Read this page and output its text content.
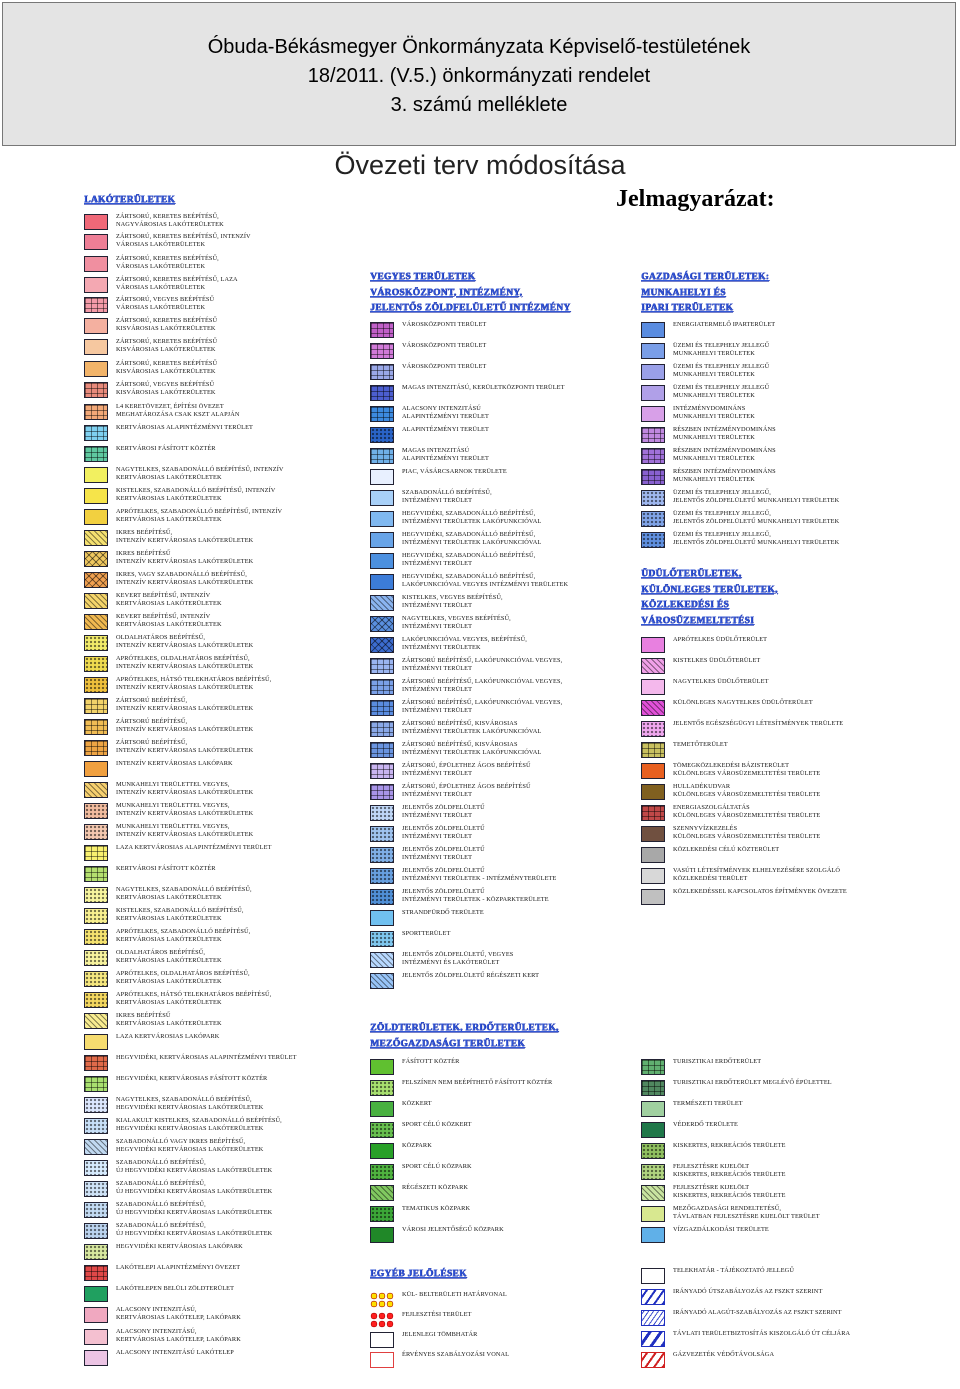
Óbuda-Békásmegyer Önkormányzata Képviselő-testületének
18/2011. (V.5.) önkormányzati rendelet
3. számú melléklete
Övezeti terv módosítása
Jelmagyarázat:
LAKÓTERÜLETEK
VEGYES TERÜLETEK
VÁROSKÖZPONT, INTÉZMÉNY,
JELENTŐS ZÖLDFELÜLETŰ INTÉZMÉNY
GAZDASÁGI TERÜLETEK:
MUNKAHELYI ÉS
IPARI TERÜLETEK
ÜDÜLŐTERÜLETEK,
KÜLÖNLEGES TERÜLETEK,
KÖZLEKEDÉSI ÉS
VÁROSÜZEMELTETÉSI
ZÖLDTERÜLETEK, ERDŐTERÜLETEK,
MEZŐGAZDASÁGI TERÜLETEK
EGYÉB JELÖLÉSEK
ZÁRTSORÚ, KERETES BEÉPÍTÉSŰ,
NAGYVÁROSIAS LAKÓTERÜLETEK
ZÁRTSORÚ, KERETES BEÉPÍTÉSŰ, INTENZÍV
VÁROSIAS LAKÓTERÜLETEK
ZÁRTSORÚ, KERETES BEÉPÍTÉSŰ,
VÁROSIAS LAKÓTERÜLETEK
ZÁRTSORÚ, KERETES BEÉPÍTÉSŰ, LAZA
VÁROSIAS LAKÓTERÜLETEK
ZÁRTSORÚ, VEGYES BEÉPÍTÉSŰ
VÁROSIAS LAKÓTERÜLETEK
ZÁRTSORÚ, KERETES BEÉPÍTÉSŰ
KISVÁROSIAS LAKÓTERÜLETEK
ZÁRTSORÚ, KERETES BEÉPÍTÉSŰ
KISVÁROSIAS LAKÓTERÜLETEK
ZÁRTSORÚ, KERETES BEÉPÍTÉSŰ
KISVÁROSIAS LAKÓTERÜLETEK
ZÁRTSORÚ, VEGYES BEÉPÍTÉSŰ
KISVÁROSIAS LAKÓTERÜLETEK
L4 KERETÖVEZET, ÉPÍTÉSI ÖVEZET
MEGHATÁROZÁSA CSAK KSZT ALAPJÁN
KERTVÁROSIAS ALAPINTÉZMÉNYI TERÜLET
KERTVÁROSI FÁSÍTOTT KÖZTÉR
NAGYTELKES, SZABADONÁLLÓ BEÉPÍTÉSŰ, INTENZÍV
KERTVÁROSIAS LAKÓTERÜLETEK
KISTELKES, SZABADONÁLLÓ BEÉPÍTÉSŰ, INTENZÍV
KERTVÁROSIAS LAKÓTERÜLETEK
APRÓTELKES, SZABADONÁLLÓ BEÉPÍTÉSŰ, INTENZÍV
KERTVÁROSIAS LAKÓTERÜLETEK
IKRES BEÉPÍTÉSŰ,
INTENZÍV KERTVÁROSIAS LAKÓTERÜLETEK
IKRES BEÉPÍTÉSŰ
INTENZÍV KERTVÁROSIAS LAKÓTERÜLETEK
IKRES, VAGY SZABADONÁLLÓ BEÉPÍTÉSŰ,
INTENZÍV KERTVÁROSIAS LAKÓTERÜLETEK
KEVERT BEÉPÍTÉSŰ, INTENZÍV
KERTVÁROSIAS LAKÓTERÜLETEK
KEVERT BEÉPÍTÉSŰ, INTENZÍV
KERTVÁROSIAS LAKÓTERÜLETEK
OLDALHATÁROS BEÉPÍTÉSŰ,
INTENZÍV KERTVÁROSIAS LAKÓTERÜLETEK
APRÓTELKES, OLDALHATÁROS BEÉPÍTÉSŰ,
INTENZÍV KERTVÁROSIAS LAKÓTERÜLETEK
APRÓTELKES, HÁTSÓ TELEKHATÁROS BEÉPÍTÉSŰ,
INTENZÍV KERTVÁROSIAS LAKÓTERÜLETEK
ZÁRTSORÚ BEÉPÍTÉSŰ,
INTENZÍV KERTVÁROSIAS LAKÓTERÜLETEK
ZÁRTSORÚ BEÉPÍTÉSŰ,
INTENZÍV KERTVÁROSIAS LAKÓTERÜLETEK
ZÁRTSORÚ BEÉPÍTÉSŰ,
INTENZÍV KERTVÁROSIAS LAKÓTERÜLETEK
INTENZÍV KERTVÁROSIAS LAKÓPARK
MUNKAHELYI TERÜLETTEL VEGYES,
INTENZÍV KERTVÁROSIAS LAKÓTERÜLETEK
MUNKAHELYI TERÜLETTEL VEGYES,
INTENZÍV KERTVÁROSIAS LAKÓTERÜLETEK
MUNKAHELYI TERÜLETTEL VEGYES,
INTENZÍV KERTVÁROSIAS LAKÓTERÜLETEK
LAZA KERTVÁROSIAS ALAPINTÉZMÉNYI TERÜLET
KERTVÁROSI FÁSÍTOTT KÖZTÉR
NAGYTELKES, SZABADONÁLLÓ BEÉPÍTÉSŰ,
KERTVÁROSIAS LAKÓTERÜLETEK
KISTELKES, SZABADONÁLLÓ BEÉPÍTÉSŰ,
KERTVÁROSIAS LAKÓTERÜLETEK
APRÓTELKES, SZABADONÁLLÓ BEÉPÍTÉSŰ,
KERTVÁROSIAS LAKÓTERÜLETEK
OLDALHATÁROS BEÉPÍTÉSŰ,
KERTVÁROSIAS LAKÓTERÜLETEK
APRÓTELKES, OLDALHATÁROS BEÉPÍTÉSŰ,
KERTVÁROSIAS LAKÓTERÜLETEK
APRÓTELKES, HÁTSÓ TELEKHATÁROS BEÉPÍTÉSŰ,
KERTVÁROSIAS LAKÓTERÜLETEK
IKRES BEÉPÍTÉSŰ
KERTVÁROSIAS LAKÓTERÜLETEK
LAZA KERTVÁROSIAS LAKÓPARK
HEGYVIDÉKI, KERTVÁROSIAS ALAPINTÉZMÉNYI TERÜLET
HEGYVIDÉKI, KERTVÁROSIAS FÁSÍTOTT KÖZTÉR
NAGYTELKES, SZABADONÁLLÓ BEÉPÍTÉSŰ,
HEGYVIDÉKI KERTVÁROSIAS LAKÓTERÜLETEK
KIALAKULT KISTELKES, SZABADONÁLLÓ BEÉPÍTÉSŰ,
HEGYVIDÉKI KERTVÁROSIAS LAKÓTERÜLETEK
SZABADONÁLLÓ VAGY IKRES BEÉPÍTÉSŰ,
HEGYVIDÉKI KERTVÁROSIAS LAKÓTERÜLETEK
SZABADONÁLLÓ BEÉPÍTÉSŰ,
ÚJ HEGYVIDÉKI KERTVÁROSIAS LAKÓTERÜLETEK
SZABADONÁLLÓ BEÉPÍTÉSŰ,
ÚJ HEGYVIDÉKI KERTVÁROSIAS LAKÓTERÜLETEK
SZABADONÁLLÓ BEÉPÍTÉSŰ,
ÚJ HEGYVIDÉKI KERTVÁROSIAS LAKÓTERÜLETEK
SZABADONÁLLÓ BEÉPÍTÉSŰ,
ÚJ HEGYVIDÉKI KERTVÁROSIAS LAKÓTERÜLETEK
HEGYVIDÉKI KERTVÁROSIAS LAKÓPARK
LAKÓTELEPI ALAPINTÉZMÉNYI ÖVEZET
LAKÓTELEPEN BELÜLI ZÖLDTERÜLET
ALACSONY INTENZITÁSÚ,
KERTVÁROSIAS LAKÓTELEP, LAKÓPARK
ALACSONY INTENZITÁSÚ,
KERTVÁROSIAS LAKÓTELEP, LAKÓPARK
ALACSONY INTENZITÁSÚ LAKÓTELEP
VÁROSKÖZPONTI TERÜLET
VÁROSKÖZPONTI TERÜLET
VÁROSKÖZPONTI TERÜLET
MAGAS INTENZITÁSÚ, KERÜLETKÖZPONTI TERÜLET
ALACSONY INTENZITÁSÚ
ALAPINTÉZMÉNYI TERÜLET
ALAPINTÉZMÉNYI TERÜLET
MAGAS INTENZITÁSÚ
ALAPINTÉZMÉNYI TERÜLET
PIAC, VÁSÁRCSARNOK TERÜLETE
SZABADONÁLLÓ BEÉPÍTÉSŰ,
INTÉZMÉNYI TERÜLET
HEGYVIDÉKI, SZABADONÁLLÓ BEÉPÍTÉSŰ,
INTÉZMÉNYI TERÜLETEK LAKÓFUNKCIÓVAL
HEGYVIDÉKI, SZABADONÁLLÓ BEÉPÍTÉSŰ,
INTÉZMÉNYI TERÜLETEK LAKÓFUNKCIÓVAL
HEGYVIDÉKI, SZABADONÁLLÓ BEÉPÍTÉSŰ,
INTÉZMÉNYI TERÜLET
HEGYVIDÉKI, SZABADONÁLLÓ BEÉPÍTÉSŰ,
LAKÓFUNKCIÓVAL VEGYES INTÉZMÉNYI TERÜLETEK
KISTELKES, VEGYES BEÉPÍTÉSŰ,
INTÉZMÉNYI TERÜLET
NAGYTELKES, VEGYES BEÉPÍTÉSŰ,
INTÉZMÉNYI TERÜLET
LAKÓFUNKCIÓVAL VEGYES, BEÉPÍTÉSŰ,
INTÉZMÉNYI TERÜLETEK
ZÁRTSORÚ BEÉPÍTÉSŰ, LAKÓFUNKCIÓVAL VEGYES,
INTÉZMÉNYI TERÜLET
ZÁRTSORÚ BEÉPÍTÉSŰ, LAKÓFUNKCIÓVAL VEGYES,
INTÉZMÉNYI TERÜLET
ZÁRTSORÚ BEÉPÍTÉSŰ, LAKÓFUNKCIÓVAL VEGYES,
INTÉZMÉNYI TERÜLET
ZÁRTSORÚ BEÉPÍTÉSŰ, KISVÁROSIAS
INTÉZMÉNYI TERÜLETEK LAKÓFUNKCIÓVAL
ZÁRTSORÚ BEÉPÍTÉSŰ, KISVÁROSIAS
INTÉZMÉNYI TERÜLETEK LAKÓFUNKCIÓVAL
ZÁRTSORÚ, ÉPÜLETHEZ ÁGOS BEÉPÍTÉSŰ
INTÉZMÉNYI TERÜLET
ZÁRTSORÚ, ÉPÜLETHEZ ÁGOS BEÉPÍTÉSŰ
INTÉZMÉNYI TERÜLET
JELENTŐS ZÖLDFELÜLETŰ
INTÉZMÉNYI TERÜLET
JELENTŐS ZÖLDFELÜLETŰ
INTÉZMÉNYI TERÜLET
JELENTŐS ZÖLDFELÜLETŰ
INTÉZMÉNYI TERÜLET
JELENTŐS ZÖLDFELÜLETŰ
INTÉZMÉNYI TERÜLETEK - INTÉZMÉNYTERÜLETE
JELENTŐS ZÖLDFELÜLETŰ
INTÉZMÉNYI TERÜLETEK - KÖZPARKTERÜLETE
STRANDFÜRDŐ TERÜLETE
SPORTTERÜLET
JELENTŐS ZÖLDFELÜLETŰ, VEGYES
INTÉZMÉNYI ÉS LAKÓTERÜLET
JELENTŐS ZÖLDFELÜLETŰ RÉGÉSZETI KERT
FÁSÍTOTT KÖZTÉR
FELSZÍNEN NEM BEÉPÍTHETŐ FÁSÍTOTT KÖZTÉR
KÖZKERT
SPORT CÉLÚ KÖZKERT
KÖZPARK
SPORT CÉLÚ KÖZPARK
RÉGÉSZETI KÖZPARK
TEMATIKUS KÖZPARK
VÁROSI JELENTŐSÉGŰ KÖZPARK
KÜL- BELTERÜLETI HATÁRVONAL
FEJLESZTÉSI TERÜLET
JELENLEGI TÖMBHATÁR
ÉRVÉNYES SZABÁLYOZÁSI VONAL
ENERGIATERMELŐ IPARTERÜLET
ÜZEMI ÉS TELEPHELY JELLEGŰ
MUNKAHELYI TERÜLETEK
ÜZEMI ÉS TELEPHELY JELLEGŰ
MUNKAHELYI TERÜLETEK
ÜZEMI ÉS TELEPHELY JELLEGŰ
MUNKAHELYI TERÜLETEK
INTÉZMÉNYDOMINÁNS
MUNKAHELYI TERÜLETEK
RÉSZBEN INTÉZMÉNYDOMINÁNS
MUNKAHELYI TERÜLETEK
RÉSZBEN INTÉZMÉNYDOMINÁNS
MUNKAHELYI TERÜLETEK
RÉSZBEN INTÉZMÉNYDOMINÁNS
MUNKAHELYI TERÜLETEK
ÜZEMI ÉS TELEPHELY JELLEGŰ,
JELENTŐS ZÖLDFELÜLETŰ MUNKAHELYI TERÜLETEK
ÜZEMI ÉS TELEPHELY JELLEGŰ,
JELENTŐS ZÖLDFELÜLETŰ MUNKAHELYI TERÜLETEK
ÜZEMI ÉS TELEPHELY JELLEGŰ,
JELENTŐS ZÖLDFELÜLETŰ MUNKAHELYI TERÜLETEK
APRÓTELKES ÜDÜLŐTERÜLET
KISTELKES ÜDÜLŐTERÜLET
NAGYTELKES ÜDÜLŐTERÜLET
KÜLÖNLEGES NAGYTELKES ÜDÜLŐTERÜLET
JELENTŐS EGÉSZSÉGÜGYI LÉTESÍTMÉNYEK TERÜLETE
TEMETŐTERÜLET
TÖMEGKÖZLEKEDÉSI BÁZISTERÜLET
KÜLÖNLEGES VÁROSÜZEMELTETÉSI TERÜLETE
HULLADÉKUDVAR
KÜLÖNLEGES VÁROSÜZEMELTETÉSI TERÜLETE
ENERGIASZOLGÁLTATÁS
KÜLÖNLEGES VÁROSÜZEMELTETÉSI TERÜLETE
SZENNYVÍZKEZELÉS
KÜLÖNLEGES VÁROSÜZEMELTETÉSI TERÜLETE
KÖZLEKEDÉSI CÉLÚ KÖZTERÜLET
VASÚTI LÉTESÍTMÉNYEK ELHELYEZÉSÉRE SZOLGÁLÓ
KÖZLEKEDÉSI TERÜLET
KÖZLEKEDÉSSEL KAPCSOLATOS ÉPÍTMÉNYEK ÖVEZETE
TURISZTIKAI ERDŐTERÜLET
TURISZTIKAI ERDŐTERÜLET MEGLÉVŐ ÉPÜLETTEL
TERMÉSZETI TERÜLET
VÉDERDŐ TERÜLETE
KISKERTES, REKREÁCIÓS TERÜLETE
FEJLESZTÉSRE KIJELÖLT
KISKERTES, REKREÁCIÓS TERÜLETE
FEJLESZTÉSRE KIJELÖLT
KISKERTES, REKREÁCIÓS TERÜLETE
MEZŐGAZDASÁGI RENDELTETÉSŰ,
TÁVLATBAN FEJLESZTÉSRE KIJELÖLT TERÜLET
VÍZGAZDÁLKODÁSI TERÜLETE
TELEKHATÁR - TÁJÉKOZTATÓ JELLEGŰ
IRÁNYADÓ ÚTSZABÁLYOZÁS AZ FSZKT SZERINT
IRÁNYADÓ ALAGÚT-SZABÁLYOZÁS AZ FSZKT SZERINT
TÁVLATI TERÜLETBIZTOSÍTÁS KISZOLGÁLÓ ÚT CÉLJÁRA
GÁZVEZETÉK VÉDŐTÁVOLSÁGA
